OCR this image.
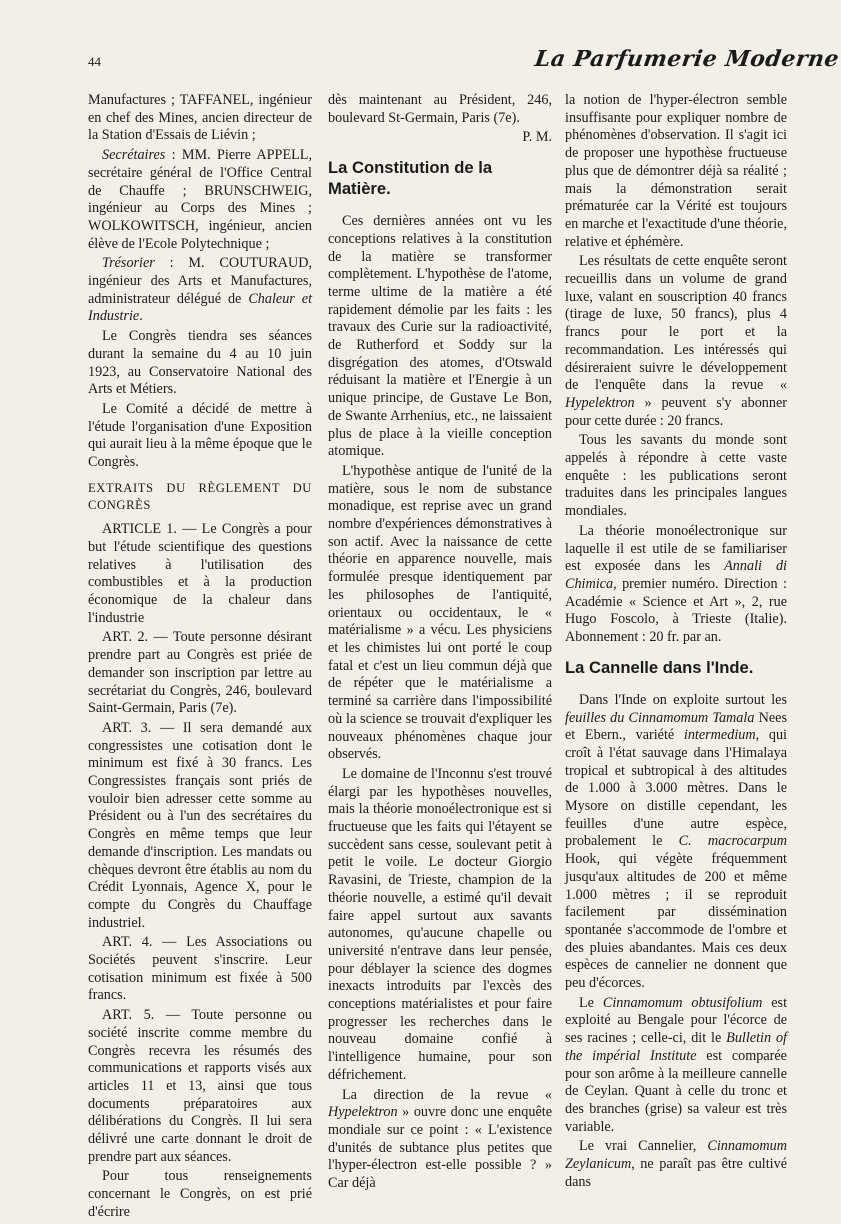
44	La Parfumerie Moderne

Manufactures ; TAFFANEL, ingénieur en chef des Mines, ancien directeur de la Station d'Essais de Liévin ;

Secrétaires : MM. Pierre APPELL, secrétaire général de l'Office Central de Chauffe ; BRUNSCHWEIG, ingénieur au Corps des Mines ; WOLKOWITSCH, ingénieur, ancien élève de l'Ecole Polytechnique ;

Trésorier : M. COUTURAUD, ingénieur des Arts et Manufactures, administrateur délégué de Chaleur et Industrie.

Le Congrès tiendra ses séances durant la semaine du 4 au 10 juin 1923, au Conservatoire National des Arts et Métiers.

Le Comité a décidé de mettre à l'étude l'organisation d'une Exposition qui aurait lieu à la même époque que le Congrès.

EXTRAITS DU RÈGLEMENT DU CONGRÈS

ARTICLE 1. — Le Congrès a pour but l'étude scientifique des questions relatives à l'utilisation des combustibles et à la production économique de la chaleur dans l'industrie

ART. 2. — Toute personne désirant prendre part au Congrès est priée de demander son inscription par lettre au secrétariat du Congrès, 246, boulevard Saint-Germain, Paris (7e).

ART. 3. — Il sera demandé aux congressistes une cotisation dont le minimum est fixé à 30 francs. Les Congressistes français sont priés de vouloir bien adresser cette somme au Président ou à l'un des secrétaires du Congrès en même temps que leur demande d'inscription. Les mandats ou chèques devront être établis au nom du Crédit Lyonnais, Agence X, pour le compte du Congrès du Chauffage industriel.

ART. 4. — Les Associations ou Sociétés peuvent s'inscrire. Leur cotisation minimum est fixée à 500 francs.

ART. 5. — Toute personne ou société inscrite comme membre du Congrès recevra les résumés des communications et rapports visés aux articles 11 et 13, ainsi que tous documents préparatoires aux délibérations du Congrès. Il lui sera délivré une carte donnant le droit de prendre part aux séances.

Pour tous renseignements concernant le Congrès, on est prié d'écrire

dès maintenant au Président, 246, boulevard St-Germain, Paris (7e).

P. M.

La Constitution de la Matière.

Ces dernières années ont vu les conceptions relatives à la constitution de la matière se transformer complètement. L'hypothèse de l'atome, terme ultime de la matière a été rapidement démolie par les faits : les travaux des Curie sur la radioactivité, de Rutherford et Soddy sur la disgrégation des atomes, d'Otswald réduisant la matière et l'Energie à un unique principe, de Gustave Le Bon, de Swante Arrhenius, etc., ne laissaient plus de place à la vieille conception atomique.

L'hypothèse antique de l'unité de la matière, sous le nom de substance monadique, est reprise avec un grand nombre d'expériences démonstratives à son actif. Avec la naissance de cette théorie en apparence nouvelle, mais formulée presque identiquement par les philosophes de l'antiquité, orientaux ou occidentaux, le « matérialisme » a vécu. Les physiciens et les chimistes lui ont porté le coup fatal et c'est un lieu commun déjà que de répéter que le matérialisme a terminé sa carrière dans l'impossibilité où la science se trouvait d'expliquer les nouveaux phénomènes chaque jour observés.

Le domaine de l'Inconnu s'est trouvé élargi par les hypothèses nouvelles, mais la théorie monoélectronique est si fructueuse que les faits qui l'étayent se succèdent sans cesse, soulevant petit à petit le voile. Le docteur Giorgio Ravasini, de Trieste, champion de la théorie nouvelle, a estimé qu'il devait faire appel surtout aux savants autonomes, qu'aucune chapelle ou université n'entrave dans leur pensée, pour déblayer la science des dogmes inexacts introduits par l'excès des conceptions matérialistes et pour faire progresser les recherches dans le nouveau domaine confié à l'intelligence humaine, pour son défrichement.

La direction de la revue « Hypelektron » ouvre donc une enquête mondiale sur ce point : « L'existence d'unités de subtance plus petites que l'hyper-électron est-elle possible ? » Car déjà

la notion de l'hyper-électron semble insuffisante pour expliquer nombre de phénomènes d'observation. Il s'agit ici de proposer une hypothèse fructueuse plus que de démontrer déjà sa réalité ; mais la démonstration serait prématurée car la Vérité est toujours en marche et l'exactitude d'une théorie, relative et éphémère.

Les résultats de cette enquête seront recueillis dans un volume de grand luxe, valant en souscription 40 francs (tirage de luxe, 50 francs), plus 4 francs pour le port et la recommandation. Les intéressés qui désireraient suivre le développement de l'enquête dans la revue « Hypelektron » peuvent s'y abonner pour cette durée : 20 francs.

Tous les savants du monde sont appelés à répondre à cette vaste enquête : les publications seront traduites dans les principales langues mondiales.

La théorie monoélectronique sur laquelle il est utile de se familiariser est exposée dans les Annali di Chimica, premier numéro. Direction : Académie « Science et Art », 2, rue Hugo Foscolo, à Trieste (Italie). Abonnement : 20 fr. par an.

La Cannelle dans l'Inde.

Dans l'Inde on exploite surtout les feuilles du Cinnamomum Tamala Nees et Ebern., variété intermedium, qui croît à l'état sauvage dans l'Himalaya tropical et subtropical à des altitudes de 1.000 à 3.000 mètres. Dans le Mysore on distille cependant, les feuilles d'une autre espèce, probalement le C. macrocarpum Hook, qui végète fréquemment jusqu'aux altitudes de 200 et même 1.000 mètres ; il se reproduit facilement par dissémination spontanée s'accommode de l'ombre et des pluies abandantes. Mais ces deux espèces de cannelier ne donnent que peu d'écorces.

Le Cinnamomum obtusifolium est exploité au Bengale pour l'écorce de ses racines ; celle-ci, dit le Bulletin of the impérial Institute est comparée pour son arôme à la meilleure cannelle de Ceylan. Quant à celle du tronc et des branches (grise) sa valeur est très variable.

Le vrai Cannelier, Cinnamomum Zeylanicum, ne paraît pas être cultivé dans
